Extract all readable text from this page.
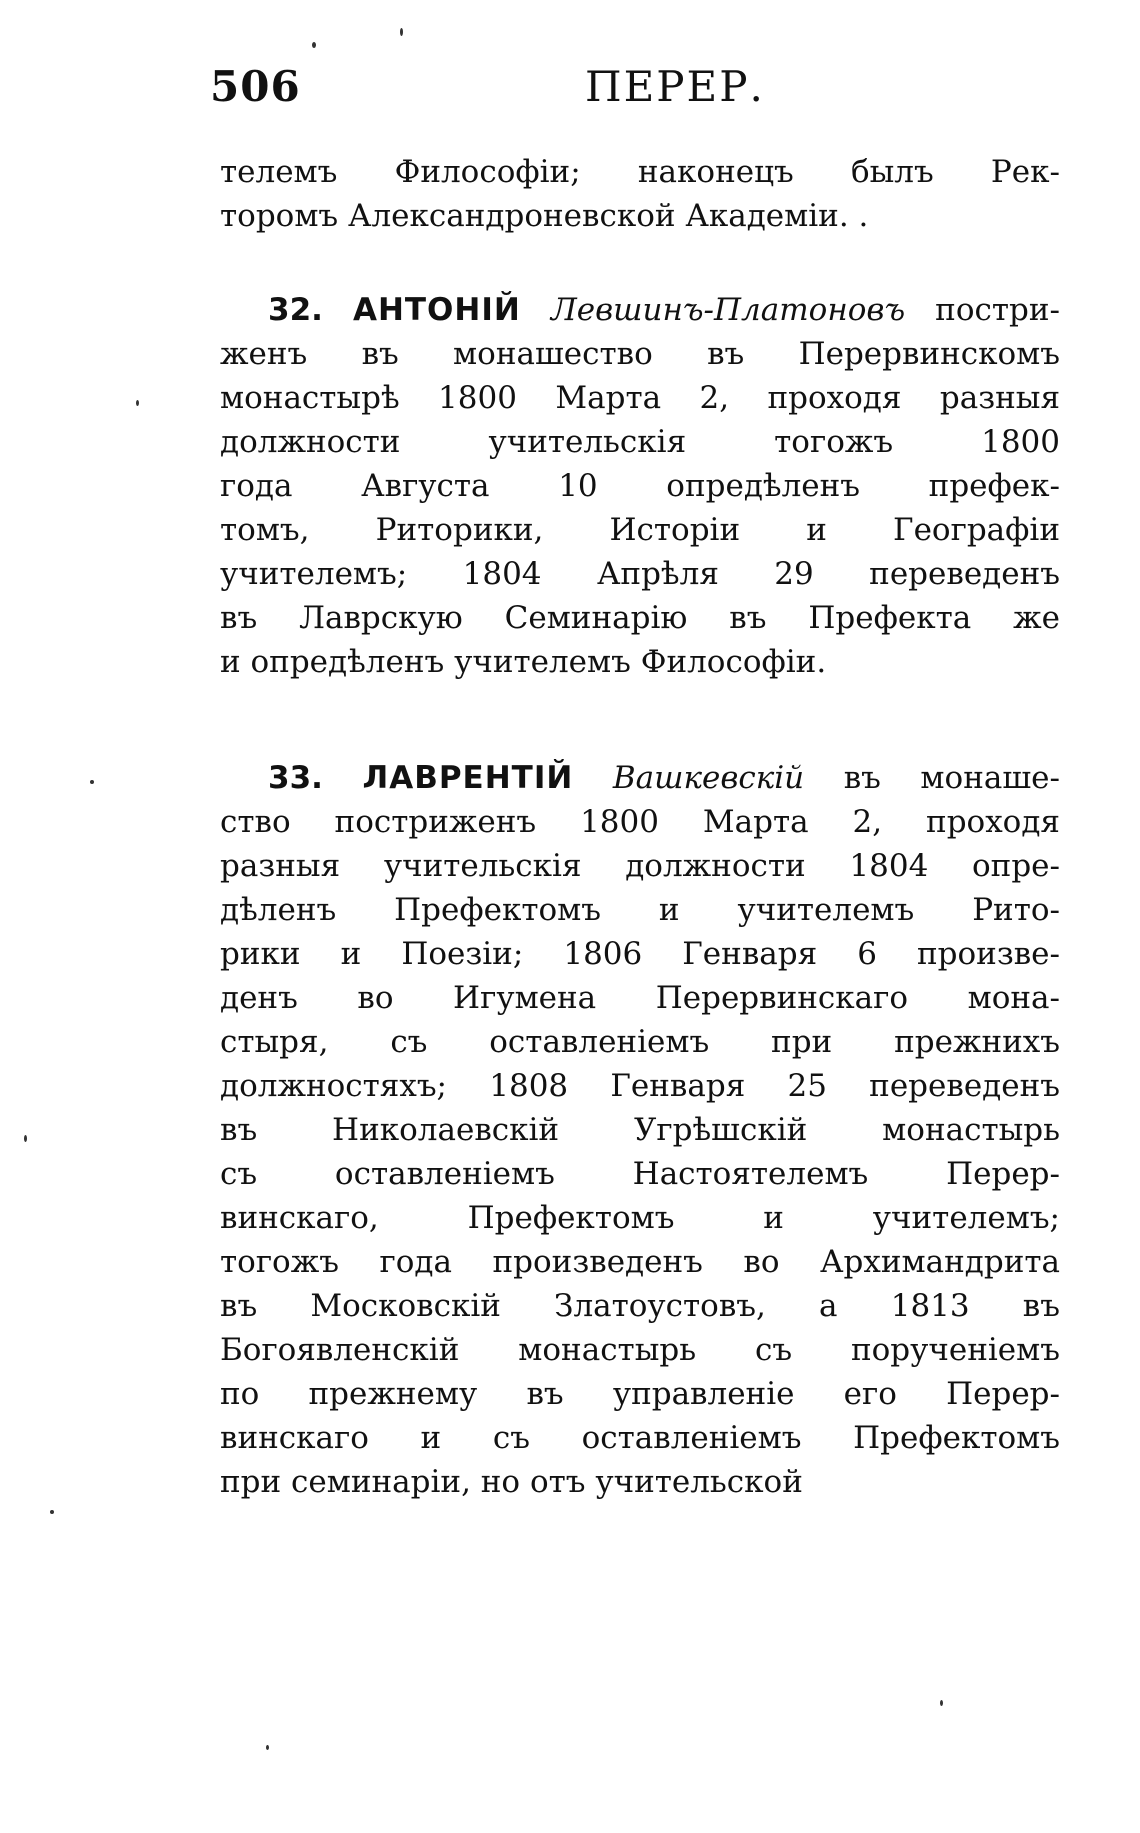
506	ПЕРЕР.
телемъ Философіи; наконецъ былъ Рек-
торомъ Александроневской Академіи. .
32. АНТОНІЙ Левшинъ-Платоновъ постри-
женъ въ монашество въ Перервинскомъ
монастырѣ 1800 Марта 2, проходя разныя
должности учительскія тогожъ 1800
года Августа 10 опредѣленъ префек-
томъ, Риторики, Исторіи и Географіи
учителемъ; 1804 Апрѣля 29 переведенъ
въ Лаврскую Семинарію въ Префекта же
и опредѣленъ учителемъ Философіи.
33. ЛАВРЕНТІЙ Вашкевскій въ монаше-
ство постриженъ 1800 Марта 2, проходя
разныя учительскія должности 1804 опре-
дѣленъ Префектомъ и учителемъ Рито-
рики и Поезіи; 1806 Генваря 6 произве-
денъ во Игумена Перервинскаго мона-
стыря, съ оставленіемъ при прежнихъ
должностяхъ; 1808 Генваря 25 переведенъ
въ Николаевскій Угрѣшскій монастырь
съ оставленіемъ Настоятелемъ Перер-
винскаго, Префектомъ и учителемъ;
тогожъ года произведенъ во Архимандрита
въ Московскій Златоустовъ, а 1813 въ
Богоявленскій монастырь съ порученіемъ
по прежнему въ управленіе его Перер-
винскаго и съ оставленіемъ Префектомъ
при семинаріи, но отъ учительской
